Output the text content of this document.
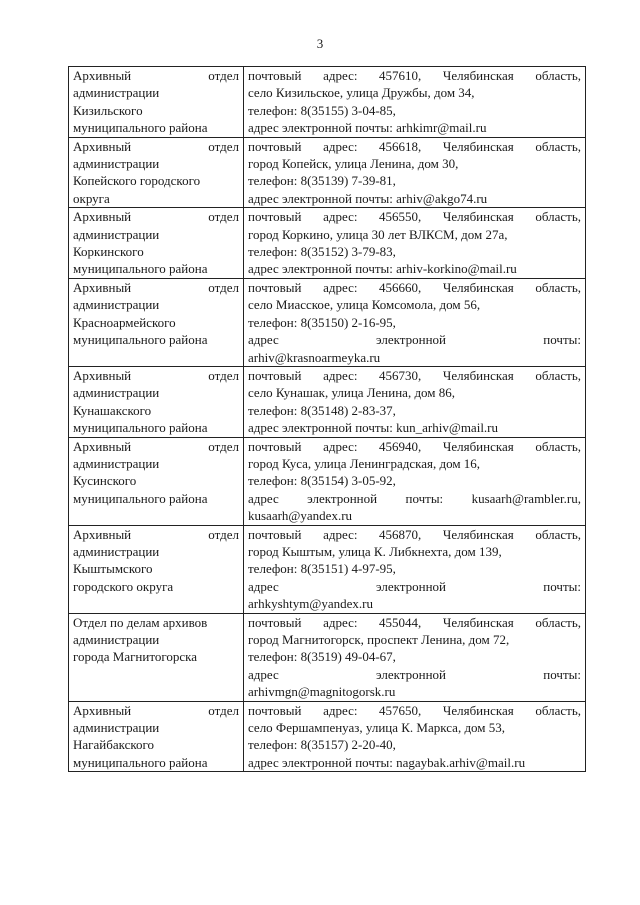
3
Архивный отдел
администрации
Кизильского
муниципального района	почтовый адрес: 457610, Челябинская область,
село Кизильское, улица Дружбы, дом 34,
телефон: 8(35155) 3-04-85,
адрес электронной почты: arhkimr@mail.ru

Архивный отдел
администрации
Копейского городского
округа	почтовый адрес: 456618, Челябинская область,
город Копейск, улица Ленина, дом 30,
телефон: 8(35139) 7-39-81,
адрес электронной почты: arhiv@akgo74.ru

Архивный отдел
администрации
Коркинского
муниципального района	почтовый адрес: 456550, Челябинская область,
город Коркино, улица 30 лет ВЛКСМ, дом 27а,
телефон: 8(35152) 3-79-83,
адрес электронной почты: arhiv-korkino@mail.ru

Архивный отдел
администрации
Красноармейского
муниципального района	почтовый адрес: 456660, Челябинская область,
село Миасское, улица Комсомола, дом 56,
телефон: 8(35150) 2-16-95,
адрес электронной почты:
arhiv@krasnoarmeyka.ru

Архивный отдел
администрации
Кунашакского
муниципального района	почтовый адрес: 456730, Челябинская область,
село Кунашак, улица Ленина, дом 86,
телефон: 8(35148) 2-83-37,
адрес электронной почты: kun_arhiv@mail.ru

Архивный отдел
администрации
Кусинского
муниципального района	почтовый адрес: 456940, Челябинская область,
город Куса, улица Ленинградская, дом 16,
телефон: 8(35154) 3-05-92,
адрес электронной почты: kusaarh@rambler.ru,
kusaarh@yandex.ru

Архивный отдел
администрации
Кыштымского
городского округа	почтовый адрес: 456870, Челябинская область,
город Кыштым, улица К. Либкнехта, дом 139,
телефон: 8(35151) 4-97-95,
адрес электронной почты:
arhkyshtym@yandex.ru

Отдел по делам архивов
администрации
города Магнитогорска	почтовый адрес: 455044, Челябинская область,
город Магнитогорск, проспект Ленина, дом 72,
телефон: 8(3519) 49-04-67,
адрес электронной почты:
arhivmgn@magnitogorsk.ru

Архивный отдел
администрации
Нагайбакского
муниципального района	почтовый адрес: 457650, Челябинская область,
село Фершампенуаз, улица К. Маркса, дом 53,
телефон: 8(35157) 2-20-40,
адрес электронной почты: nagaybak.arhiv@mail.ru
